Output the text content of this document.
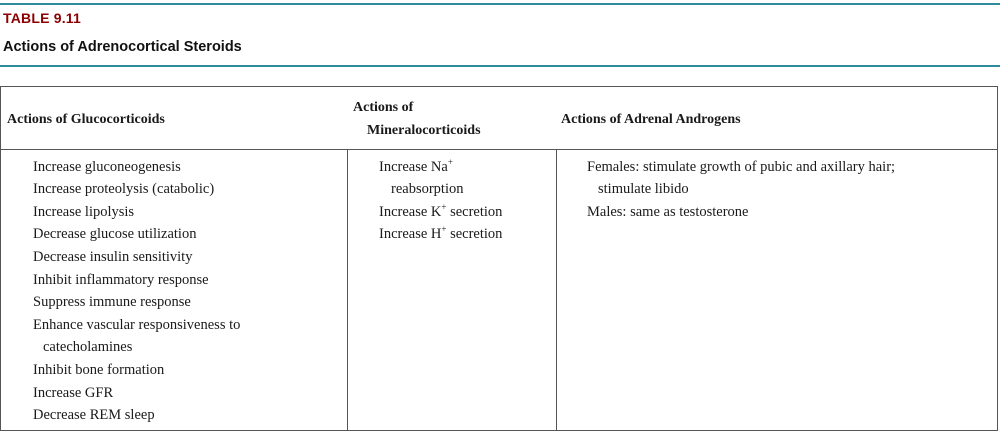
TABLE 9.11
Actions of Adrenocortical Steroids
Actions of Glucocorticoids
Actions of
Mineralocorticoids
Actions of Adrenal Androgens
Increase gluconeogenesis
Increase proteolysis (catabolic)
Increase lipolysis
Decrease glucose utilization
Decrease insulin sensitivity
Inhibit inflammatory response
Suppress immune response
Enhance vascular responsiveness to
catecholamines
Inhibit bone formation
Increase GFR
Decrease REM sleep
Increase Na+
reabsorption
Increase K+ secretion
Increase H+ secretion
Females: stimulate growth of pubic and axillary hair;
stimulate libido
Males: same as testosterone
